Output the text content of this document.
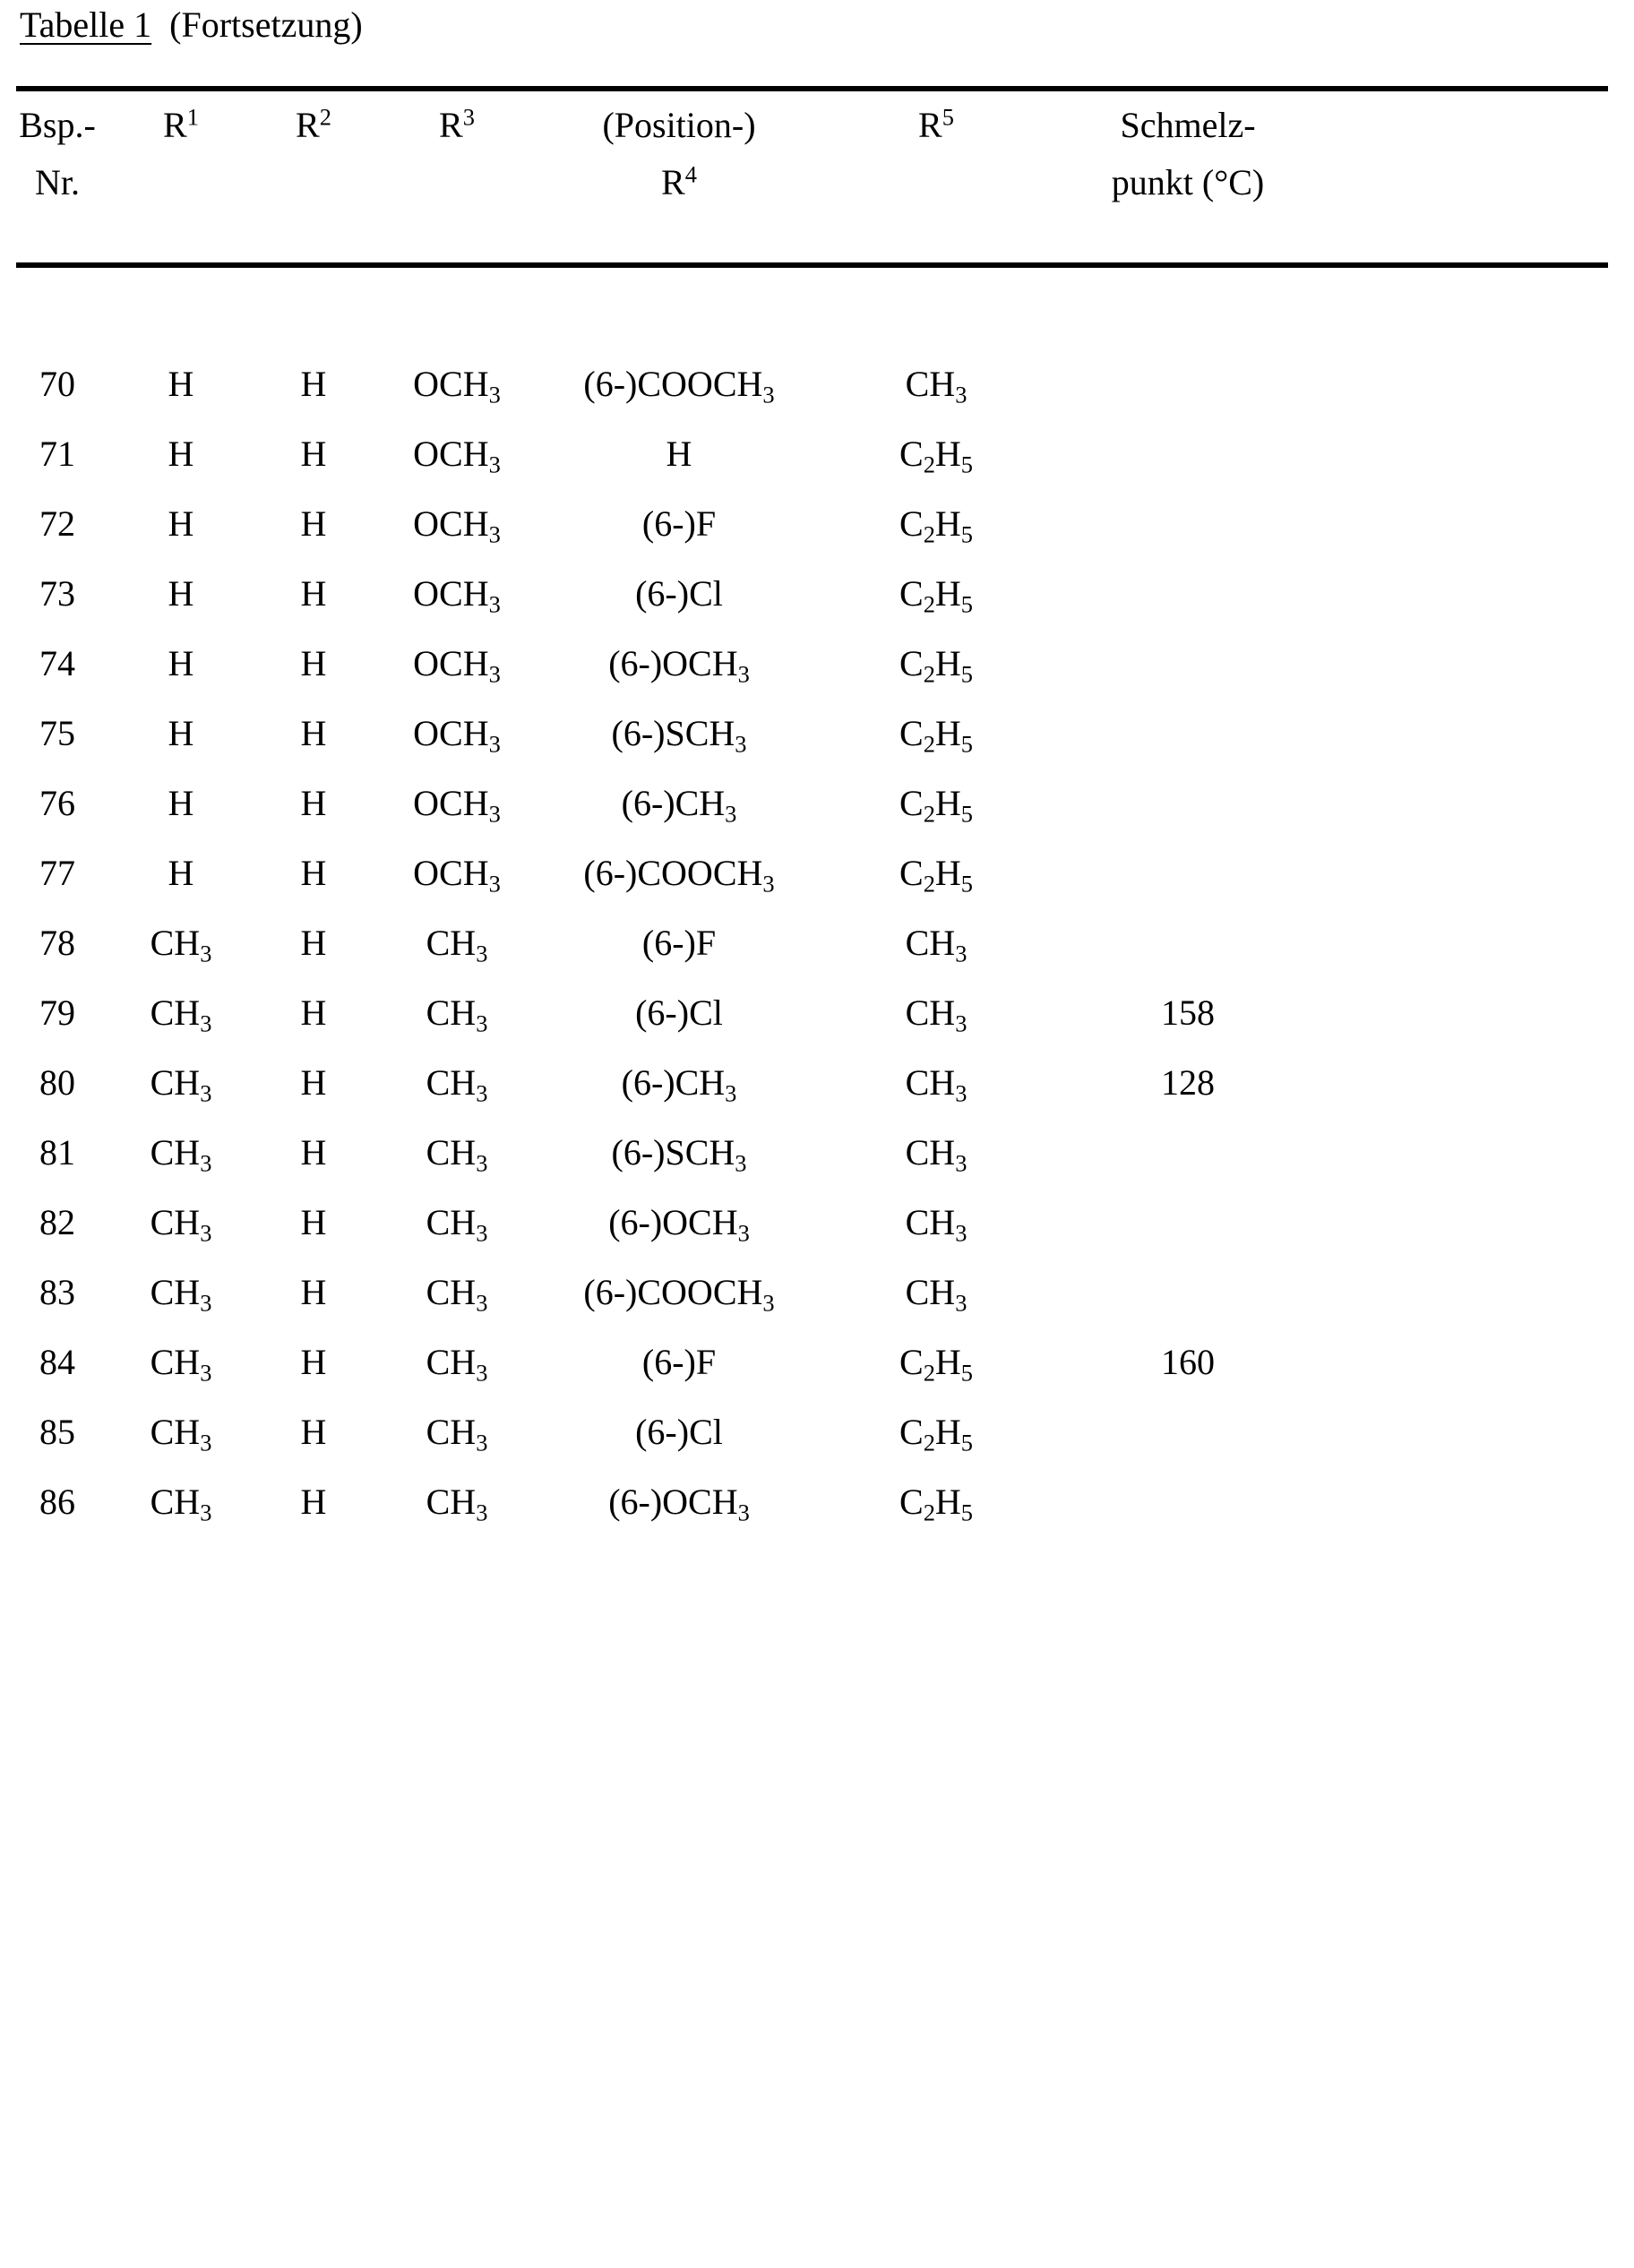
Tabelle 1 (Fortsetzung)
Bsp.-	$R^1$	$R^2$	$R^3$	(Position-)	$R^5$	Schmelz-	
Nr.				$R^4$		punkt (°C)	

70	H	H	$OCH_3$	$(6-)COOCH_3$	$CH_3$		
71	H	H	$OCH_3$	H	$C_2H_5$		
72	H	H	$OCH_3$	(6-)F	$C_2H_5$		
73	H	H	$OCH_3$	(6-)Cl	$C_2H_5$		
74	H	H	$OCH_3$	$(6-)OCH_3$	$C_2H_5$		
75	H	H	$OCH_3$	$(6-)SCH_3$	$C_2H_5$		
76	H	H	$OCH_3$	$(6-)CH_3$	$C_2H_5$		
77	H	H	$OCH_3$	$(6-)COOCH_3$	$C_2H_5$		
78	$CH_3$	H	$CH_3$	(6-)F	$CH_3$		
79	$CH_3$	H	$CH_3$	(6-)Cl	$CH_3$	158	
80	$CH_3$	H	$CH_3$	$(6-)CH_3$	$CH_3$	128	
81	$CH_3$	H	$CH_3$	$(6-)SCH_3$	$CH_3$		
82	$CH_3$	H	$CH_3$	$(6-)OCH_3$	$CH_3$		
83	$CH_3$	H	$CH_3$	$(6-)COOCH_3$	$CH_3$		
84	$CH_3$	H	$CH_3$	(6-)F	$C_2H_5$	160	
85	$CH_3$	H	$CH_3$	(6-)Cl	$C_2H_5$		
86	$CH_3$	H	$CH_3$	$(6-)OCH_3$	$C_2H_5$		
